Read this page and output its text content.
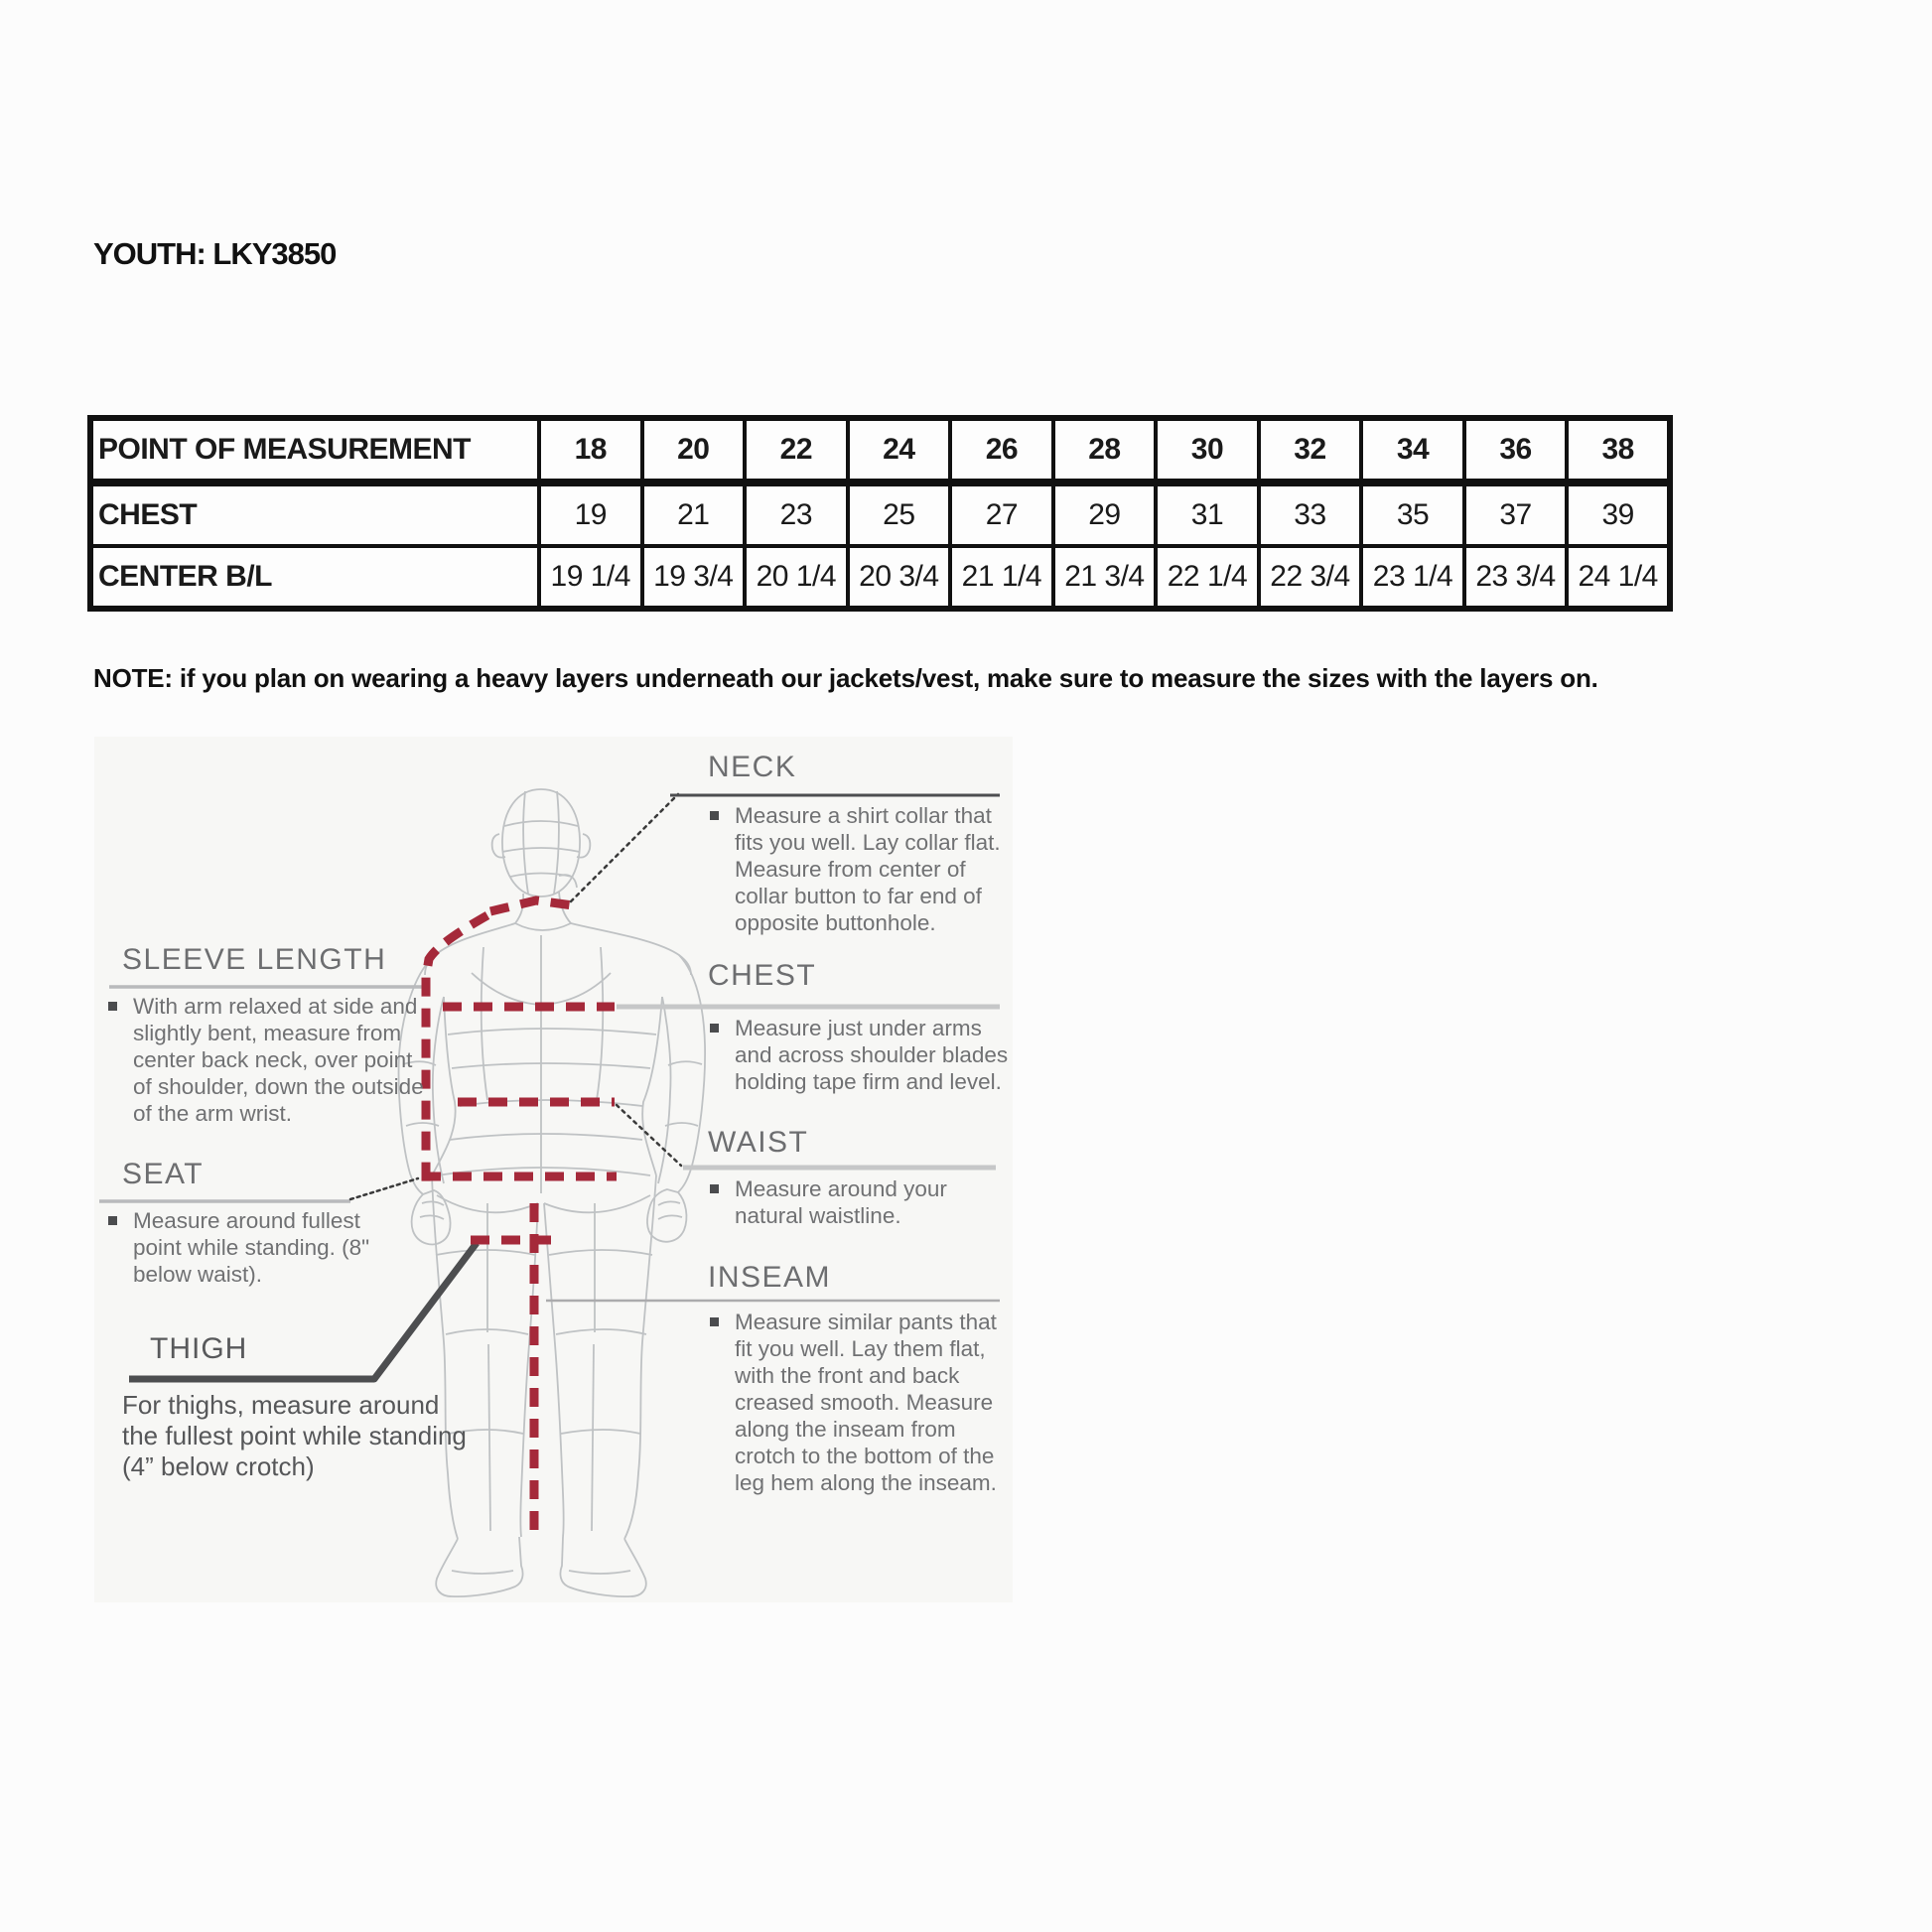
YOUTH: LKY3850
POINT OF MEASUREMENT	18	20	22	24	26	28	30	32	34	36	38
CHEST	19	21	23	25	27	29	31	33	35	37	39
CENTER B/L	19 1/4	19 3/4	20 1/4	20 3/4	21 1/4	21 3/4	22 1/4	22 3/4	23 1/4	23 3/4	24 1/4
NOTE: if you plan on wearing a heavy layers underneath our jackets/vest, make sure to measure the sizes with the layers on.
NECK
Measure a shirt collar that fits you well. Lay collar flat. Measure from center of collar button to far end of opposite buttonhole.
SLEEVE LENGTH
With arm relaxed at side and slightly bent, measure from center back neck, over point of shoulder, down the outside of the arm wrist.
CHEST
Measure just under arms and across shoulder blades holding tape firm and level.
WAIST
Measure around your natural waistline.
SEAT
Measure around fullest point while standing. (8" below waist).	INSEAM
Measure similar pants that fit you well. Lay them flat, with the front and back creased smooth. Measure along the inseam from crotch to the bottom of the leg hem along the inseam.
THIGH
For thighs, measure around the fullest point while standing (4” below crotch)
